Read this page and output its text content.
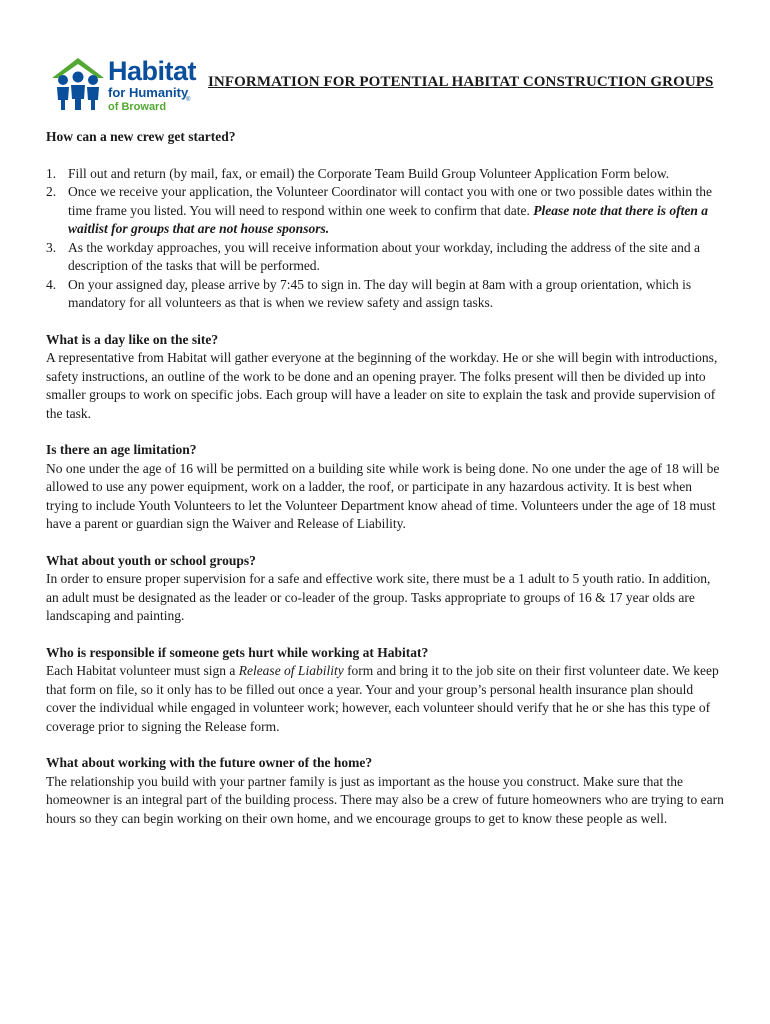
Habitat
for Humanity
of Broward
®
INFORMATION FOR POTENTIAL HABITAT CONSTRUCTION GROUPS

How can a new crew get started?

1. Fill out and return (by mail, fax, or email) the Corporate Team Build Group Volunteer Application Form below.
2. Once we receive your application, the Volunteer Coordinator will contact you with one or two possible dates within the time frame you listed. You will need to respond within one week to confirm that date. Please note that there is often a waitlist for groups that are not house sponsors.
3. As the workday approaches, you will receive information about your workday, including the address of the site and a description of the tasks that will be performed.
4. On your assigned day, please arrive by 7:45 to sign in. The day will begin at 8am with a group orientation, which is mandatory for all volunteers as that is when we review safety and assign tasks.

What is a day like on the site?

A representative from Habitat will gather everyone at the beginning of the workday. He or she will begin with introductions, safety instructions, an outline of the work to be done and an opening prayer. The folks present will then be divided up into smaller groups to work on specific jobs. Each group will have a leader on site to explain the task and provide supervision of the task.

Is there an age limitation?

No one under the age of 16 will be permitted on a building site while work is being done. No one under the age of 18 will be allowed to use any power equipment, work on a ladder, the roof, or participate in any hazardous activity. It is best when trying to include Youth Volunteers to let the Volunteer Department know ahead of time. Volunteers under the age of 18 must have a parent or guardian sign the Waiver and Release of Liability.

What about youth or school groups?

In order to ensure proper supervision for a safe and effective work site, there must be a 1 adult to 5 youth ratio. In addition, an adult must be designated as the leader or co-leader of the group. Tasks appropriate to groups of 16 & 17 year olds are landscaping and painting.

Who is responsible if someone gets hurt while working at Habitat?

Each Habitat volunteer must sign a Release of Liability form and bring it to the job site on their first volunteer date. We keep that form on file, so it only has to be filled out once a year. Your and your group’s personal health insurance plan should cover the individual while engaged in volunteer work; however, each volunteer should verify that he or she has this type of coverage prior to signing the Release form.

What about working with the future owner of the home?

The relationship you build with your partner family is just as important as the house you construct. Make sure that the homeowner is an integral part of the building process. There may also be a crew of future homeowners who are trying to earn hours so they can begin working on their own home, and we encourage groups to get to know these people as well.
